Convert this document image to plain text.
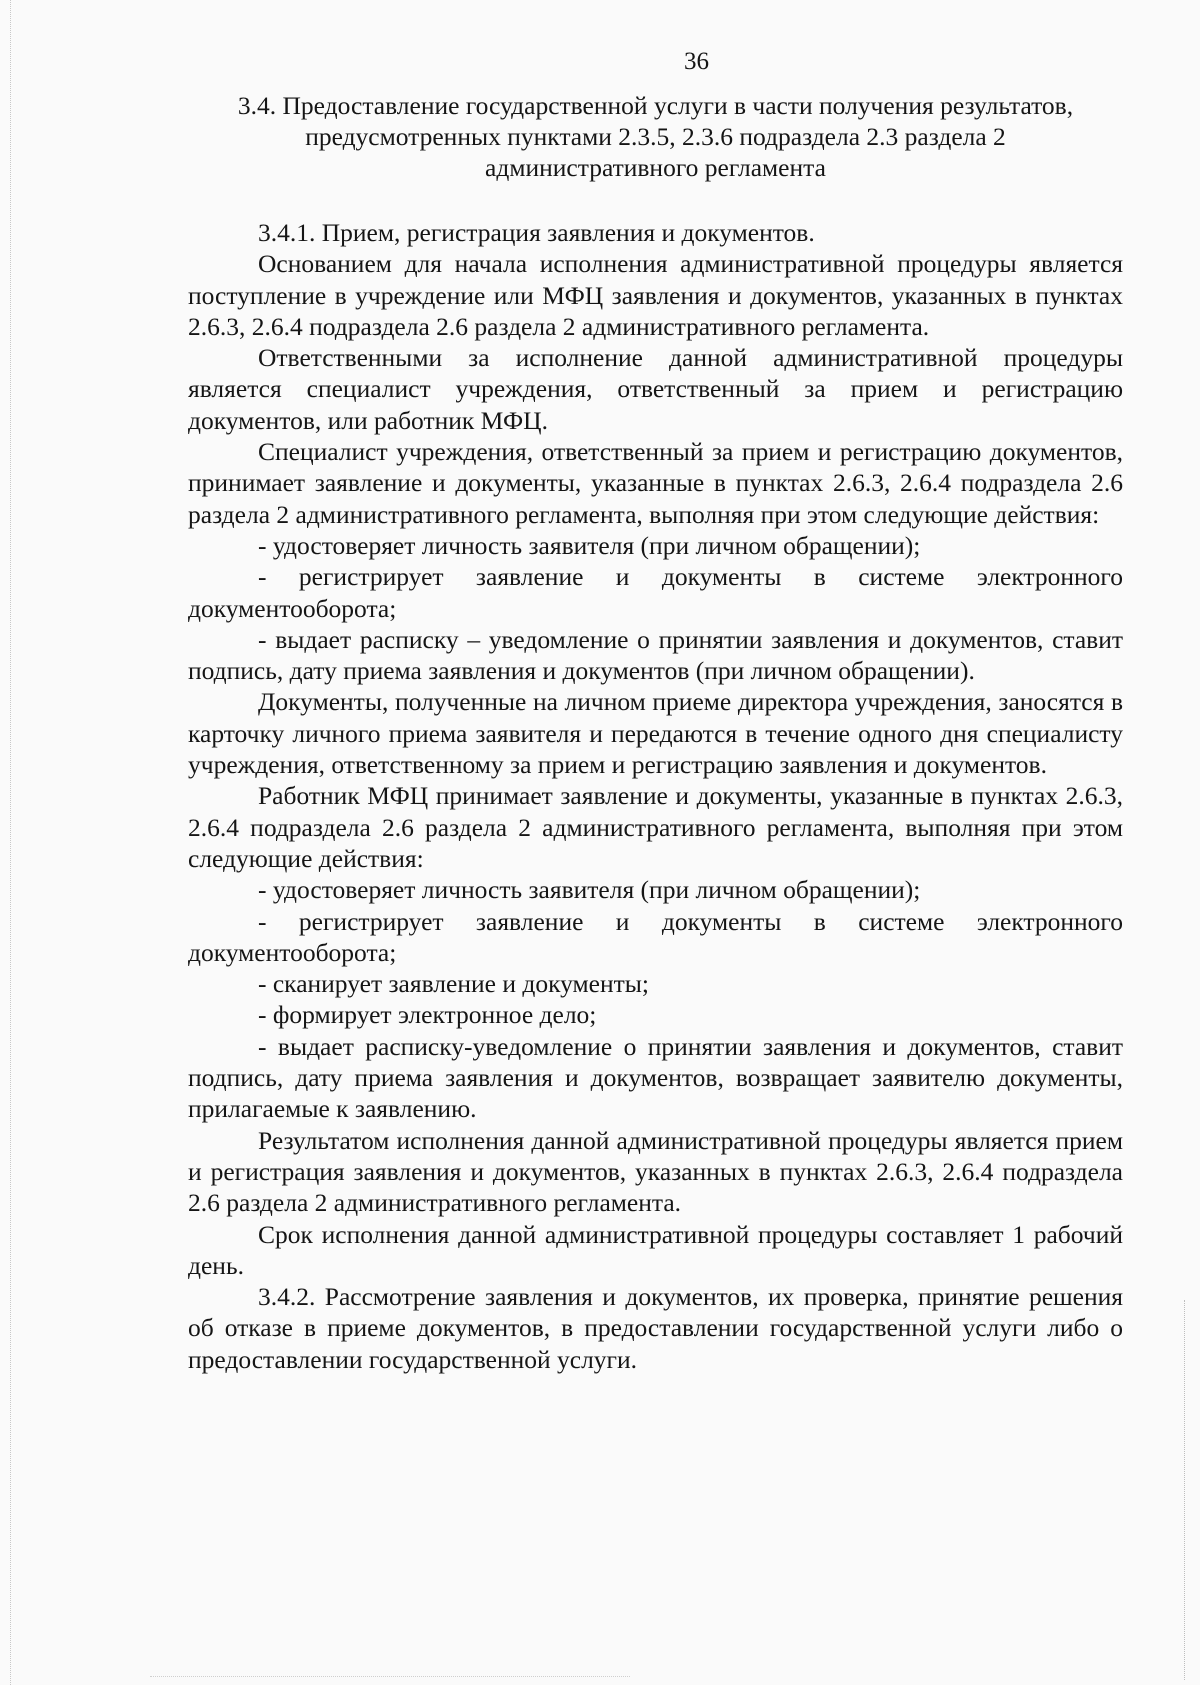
36
3.4. Предоставление государственной услуги в части получения результатов,
предусмотренных пунктами 2.3.5, 2.3.6 подраздела 2.3 раздела 2
административного регламента

3.4.1. Прием, регистрация заявления и документов.

Основанием для начала исполнения административной процедуры является поступление в учреждение или МФЦ заявления и документов, указанных в пунктах 2.6.3, 2.6.4 подраздела 2.6 раздела 2 административного регламента.

Ответственными за исполнение данной административной процедуры является специалист учреждения, ответственный за прием и регистрацию документов, или работник МФЦ.

Специалист учреждения, ответственный за прием и регистрацию документов, принимает заявление и документы, указанные в пунктах 2.6.3, 2.6.4 подраздела 2.6 раздела 2 административного регламента, выполняя при этом следующие действия:

- удостоверяет личность заявителя (при личном обращении);

- регистрирует заявление и документы в системе электронного документооборота;

- выдает расписку – уведомление о принятии заявления и документов, ставит подпись, дату приема заявления и документов (при личном обращении).

Документы, полученные на личном приеме директора учреждения, заносятся в карточку личного приема заявителя и передаются в течение одного дня специалисту учреждения, ответственному за прием и регистрацию заявления и документов.

Работник МФЦ принимает заявление и документы, указанные в пунктах 2.6.3, 2.6.4 подраздела 2.6 раздела 2 административного регламента, выполняя при этом следующие действия:

- удостоверяет личность заявителя (при личном обращении);

- регистрирует заявление и документы в системе электронного документооборота;

- сканирует заявление и документы;

- формирует электронное дело;

- выдает расписку-уведомление о принятии заявления и документов, ставит подпись, дату приема заявления и документов, возвращает заявителю документы, прилагаемые к заявлению.

Результатом исполнения данной административной процедуры является прием и регистрация заявления и документов, указанных в пунктах 2.6.3, 2.6.4 подраздела 2.6 раздела 2 административного регламента.

Срок исполнения данной административной процедуры составляет 1 рабочий день.

3.4.2. Рассмотрение заявления и документов, их проверка, принятие решения об отказе в приеме документов, в предоставлении государственной услуги либо о предоставлении государственной услуги.
